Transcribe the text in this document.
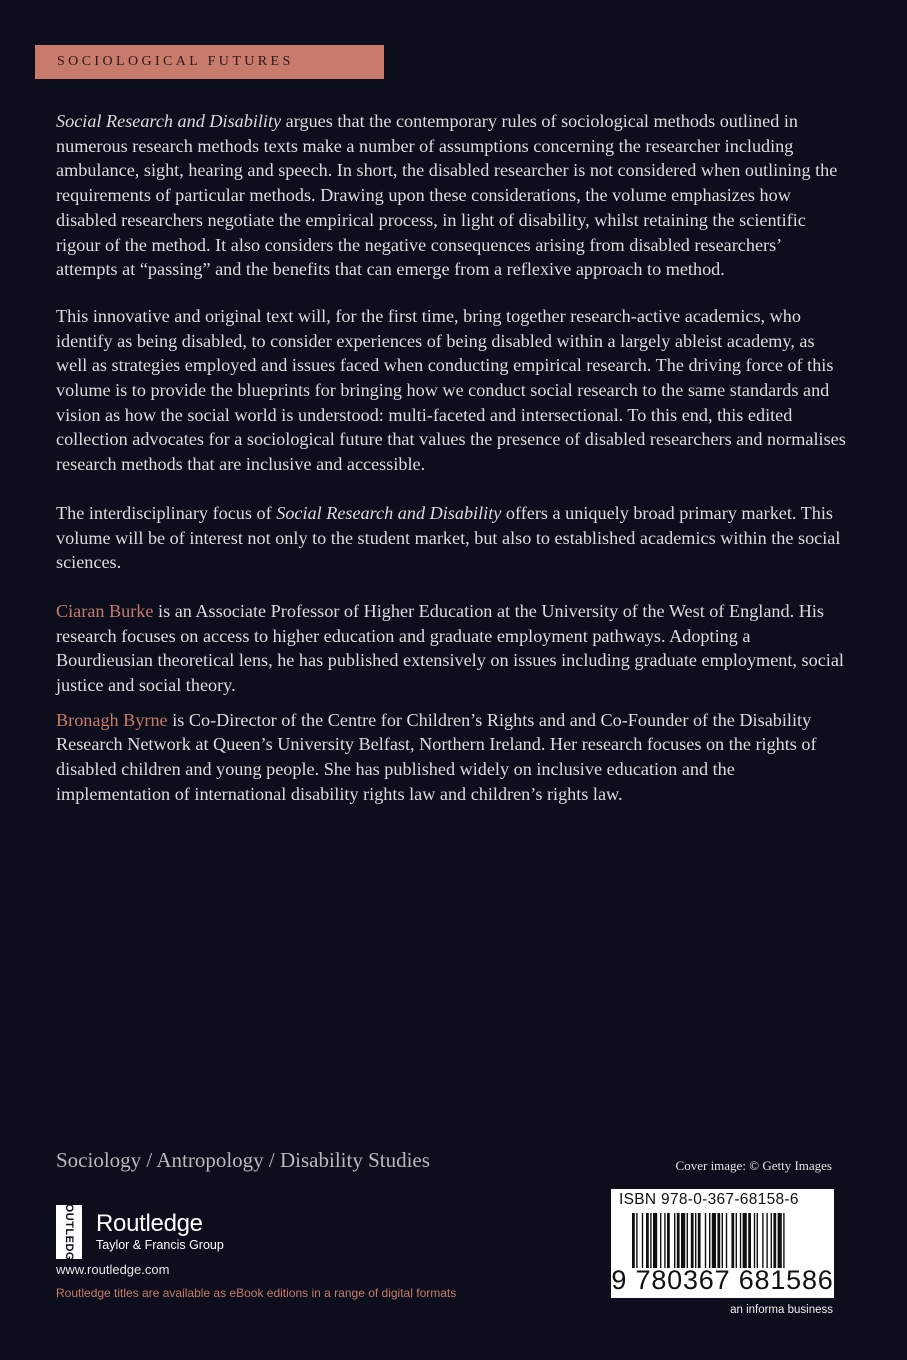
SOCIOLOGICAL FUTURES

Social Research and Disability argues that the contemporary rules of sociological methods outlined in numerous research methods texts make a number of assumptions concerning the researcher including ambulance, sight, hearing and speech. In short, the disabled researcher is not considered when outlining the requirements of particular methods. Drawing upon these considerations, the volume emphasizes how disabled researchers negotiate the empirical process, in light of disability, whilst retaining the scientific rigour of the method. It also considers the negative consequences arising from disabled researchers’ attempts at “passing” and the benefits that can emerge from a reflexive approach to method.

This innovative and original text will, for the first time, bring together research-active academics, who identify as being disabled, to consider experiences of being disabled within a largely ableist academy, as well as strategies employed and issues faced when conducting empirical research. The driving force of this volume is to provide the blueprints for bringing how we conduct social research to the same standards and vision as how the social world is understood: multi-faceted and intersectional. To this end, this edited collection advocates for a sociological future that values the presence of disabled researchers and normalises research methods that are inclusive and accessible.

The interdisciplinary focus of Social Research and Disability offers a uniquely broad primary market. This volume will be of interest not only to the student market, but also to established academics within the social sciences.

Ciaran Burke is an Associate Professor of Higher Education at the University of the West of England. His research focuses on access to higher education and graduate employment pathways. Adopting a Bourdieusian theoretical lens, he has published extensively on issues including graduate employment, social justice and social theory.

Bronagh Byrne is Co-Director of the Centre for Children’s Rights and and Co-Founder of the Disability Research Network at Queen’s University Belfast, Northern Ireland. Her research focuses on the rights of disabled children and young people. She has published widely on inclusive education and the implementation of international disability rights law and children’s rights law.

Sociology / Antropology / Disability Studies	Cover image: © Getty Images
ROUTLEDGE Routledge
Taylor & Francis Group
www.routledge.com
Routledge titles are available as eBook editions in a range of digital formats
ISBN 978-0-367-68158-6
9 780367 681586
an informa business
